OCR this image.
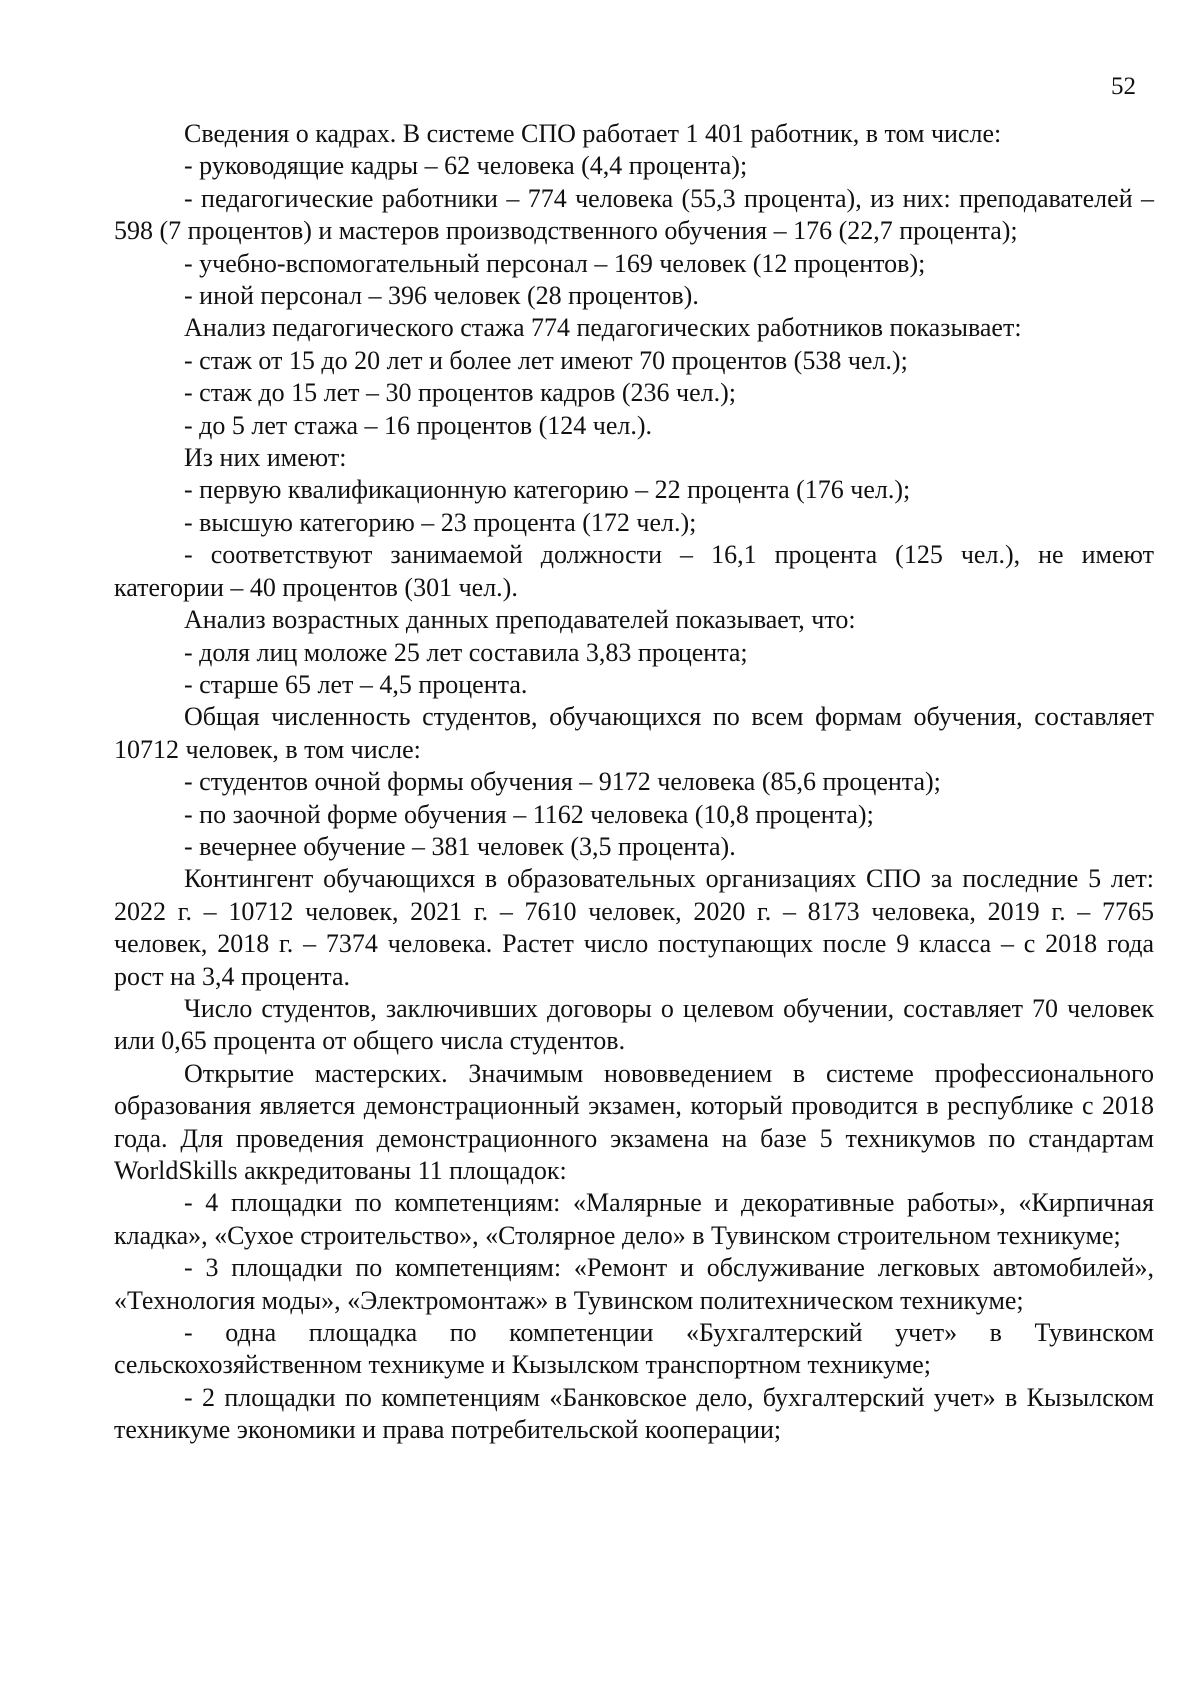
52

Сведения о кадрах. В системе СПО работает 1 401 работник, в том числе:

- руководящие кадры – 62 человека (4,4 процента);

- педагогические работники – 774 человека (55,3 процента), из них: преподавателей – 598 (7 процентов) и мастеров производственного обучения – 176 (22,7 процента);

- учебно-вспомогательный персонал – 169 человек (12 процентов);

- иной персонал – 396 человек (28 процентов).

Анализ педагогического стажа 774 педагогических работников показывает:

- стаж от 15 до 20 лет и более лет имеют 70 процентов (538 чел.);

- стаж до 15 лет – 30 процентов кадров (236 чел.);

- до 5 лет стажа – 16 процентов (124 чел.).

Из них имеют:

- первую квалификационную категорию – 22 процента (176 чел.);

- высшую категорию – 23 процента (172 чел.);

- соответствуют занимаемой должности – 16,1 процента (125 чел.), не имеют категории – 40 процентов (301 чел.).

Анализ возрастных данных преподавателей показывает, что:

- доля лиц моложе 25 лет составила 3,83 процента;

- старше 65 лет – 4,5 процента.

Общая численность студентов, обучающихся по всем формам обучения, составляет 10712 человек, в том числе:

- студентов очной формы обучения – 9172 человека (85,6 процента);

- по заочной форме обучения – 1162 человека (10,8 процента);

- вечернее обучение – 381 человек (3,5 процента).

Контингент обучающихся в образовательных организациях СПО за последние 5 лет: 2022 г. – 10712 человек, 2021 г. – 7610 человек, 2020 г. – 8173 человека, 2019 г. – 7765 человек, 2018 г. – 7374 человека. Растет число поступающих после 9 класса – с 2018 года рост на 3,4 процента.

Число студентов, заключивших договоры о целевом обучении, составляет 70 человек или 0,65 процента от общего числа студентов.

Открытие мастерских. Значимым нововведением в системе профессионального образования является демонстрационный экзамен, который проводится в республике с 2018 года. Для проведения демонстрационного экзамена на базе 5 техникумов по стандартам WorldSkills аккредитованы 11 площадок:

- 4 площадки по компетенциям: «Малярные и декоративные работы», «Кирпичная кладка», «Сухое строительство», «Столярное дело» в Тувинском строительном техникуме;

- 3 площадки по компетенциям: «Ремонт и обслуживание легковых автомобилей», «Технология моды», «Электромонтаж» в Тувинском политехническом техникуме;

- одна площадка по компетенции «Бухгалтерский учет» в Тувинском сельскохозяйственном техникуме и Кызылском транспортном техникуме;

- 2 площадки по компетенциям «Банковское дело, бухгалтерский учет» в Кызылском техникуме экономики и права потребительской кооперации;
